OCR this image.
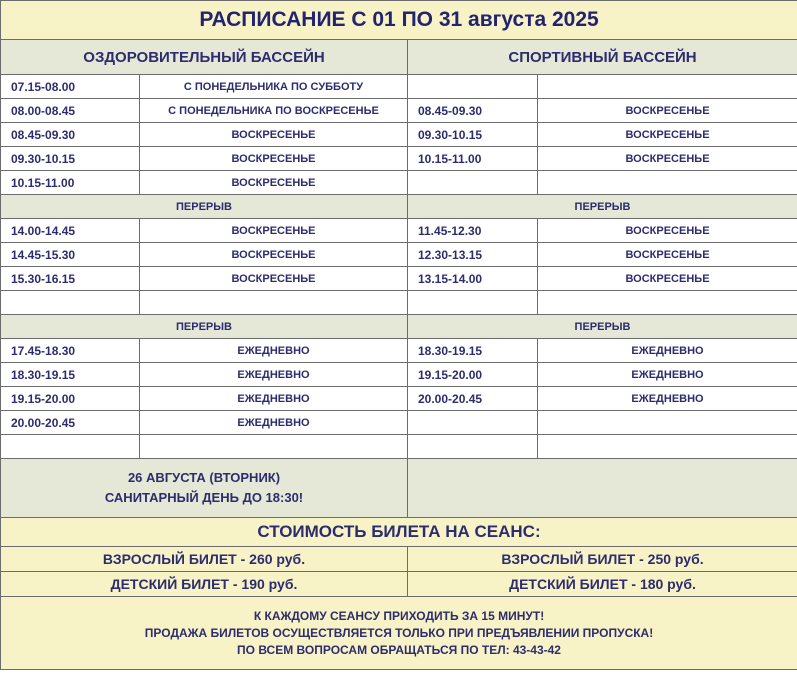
РАСПИСАНИЕ С 01 ПО 31 августа 2025			
ОЗДОРОВИТЕЛЬНЫЙ БАССЕЙН		СПОРТИВНЫЙ БАССЕЙН	
07.15-08.00	С ПОНЕДЕЛЬНИКА ПО СУББОТУ		
08.00-08.45	С ПОНЕДЕЛЬНИКА ПО ВОСКРЕСЕНЬЕ	08.45-09.30	ВОСКРЕСЕНЬЕ
08.45-09.30	ВОСКРЕСЕНЬЕ	09.30-10.15	ВОСКРЕСЕНЬЕ
09.30-10.15	ВОСКРЕСЕНЬЕ	10.15-11.00	ВОСКРЕСЕНЬЕ
10.15-11.00	ВОСКРЕСЕНЬЕ		
ПЕРЕРЫВ		ПЕРЕРЫВ	
14.00-14.45	ВОСКРЕСЕНЬЕ	11.45-12.30	ВОСКРЕСЕНЬЕ
14.45-15.30	ВОСКРЕСЕНЬЕ	12.30-13.15	ВОСКРЕСЕНЬЕ
15.30-16.15	ВОСКРЕСЕНЬЕ	13.15-14.00	ВОСКРЕСЕНЬЕ

ПЕРЕРЫВ		ПЕРЕРЫВ	
17.45-18.30	ЕЖЕДНЕВНО	18.30-19.15	ЕЖЕДНЕВНО
18.30-19.15	ЕЖЕДНЕВНО	19.15-20.00	ЕЖЕДНЕВНО
19.15-20.00	ЕЖЕДНЕВНО	20.00-20.45	ЕЖЕДНЕВНО
20.00-20.45	ЕЖЕДНЕВНО		

26 АВГУСТА (ВТОРНИК)
САНИТАРНЫЙ ДЕНЬ ДО 18:30!			

СТОИМОСТЬ БИЛЕТА НА СЕАНС:			
ВЗРОСЛЫЙ БИЛЕТ - 260 руб.		ВЗРОСЛЫЙ БИЛЕТ - 250 руб.	
ДЕТСКИЙ БИЛЕТ - 190 руб.		ДЕТСКИЙ БИЛЕТ - 180 руб.	

К КАЖДОМУ СЕАНСУ ПРИХОДИТЬ ЗА 15 МИНУТ!
ПРОДАЖА БИЛЕТОВ ОСУЩЕСТВЛЯЕТСЯ ТОЛЬКО ПРИ ПРЕДЪЯВЛЕНИИ ПРОПУСКА!
ПО ВСЕМ ВОПРОСАМ ОБРАЩАТЬСЯ ПО ТЕЛ: 43-43-42			
